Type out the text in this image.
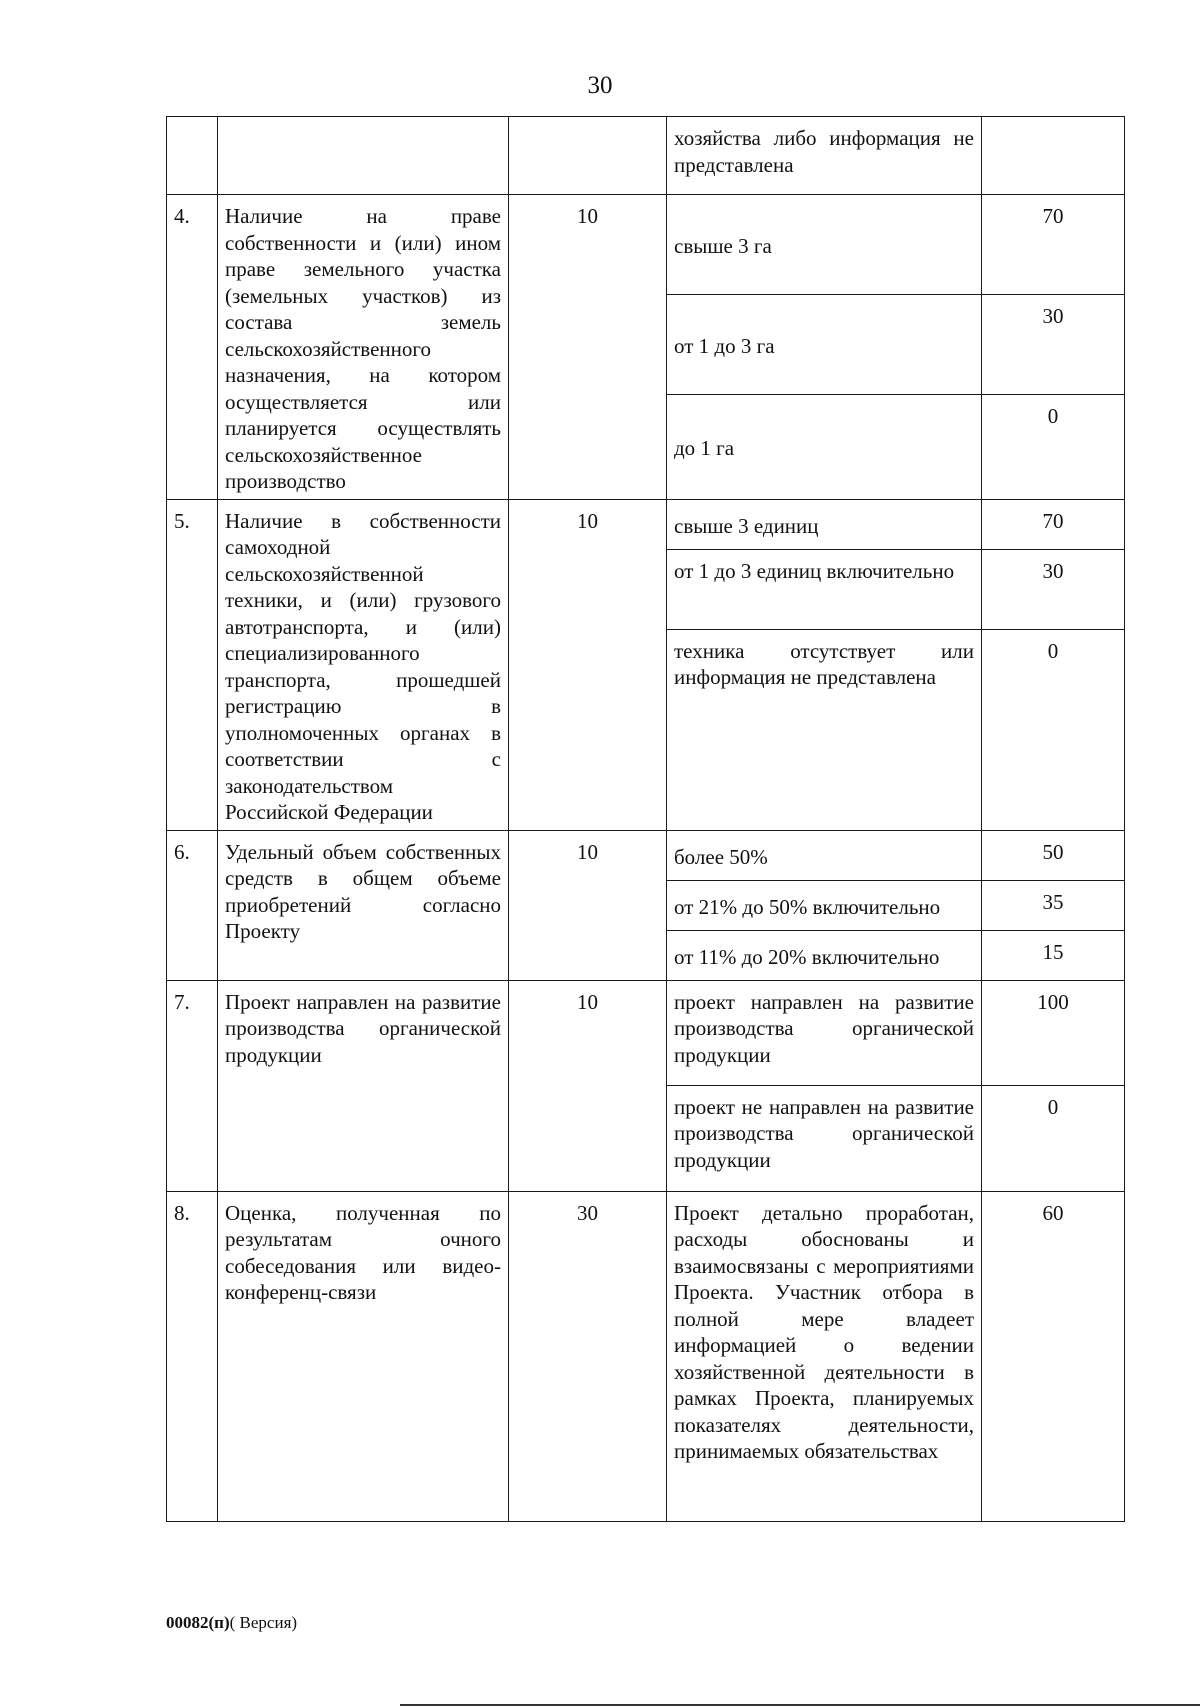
30
			хозяйства либо информация не представлена	
4.	Наличие на праве собственности и (или) ином праве земельного участка (земельных участков) из состава земель сельскохозяйственного назначения, на котором осуществляется или планируется осуществлять сельскохозяйственное производство	10	свыше 3 га	70
			от 1 до 3 га	30
			до 1 га	0
5.	Наличие в собственности самоходной сельскохозяйственной техники, и (или) грузового автотранспорта, и (или) специализированного транспорта, прошедшей регистрацию в уполномоченных органах в соответствии с законодательством Российской Федерации	10	свыше 3 единиц	70
			от 1 до 3 единиц включительно	30
			техника отсутствует или информация не представлена	0
6.	Удельный объем собственных средств в общем объеме приобретений согласно Проекту	10	более 50%	50
			от 21% до 50% включительно	35
			от 11% до 20% включительно	15
7.	Проект направлен на развитие производства органической продукции	10	проект направлен на развитие производства органической продукции	100
			проект не направлен на развитие производства органической продукции	0
8.	Оценка, полученная по результатам очного собеседования или видео-конференц-связи	30	Проект детально проработан, расходы обоснованы и взаимосвязаны с мероприятиями Проекта. Участник отбора в полной мере владеет информацией о ведении хозяйственной деятельности в рамках Проекта, планируемых показателях деятельности, принимаемых обязательствах	60
00082(п)( Версия)
